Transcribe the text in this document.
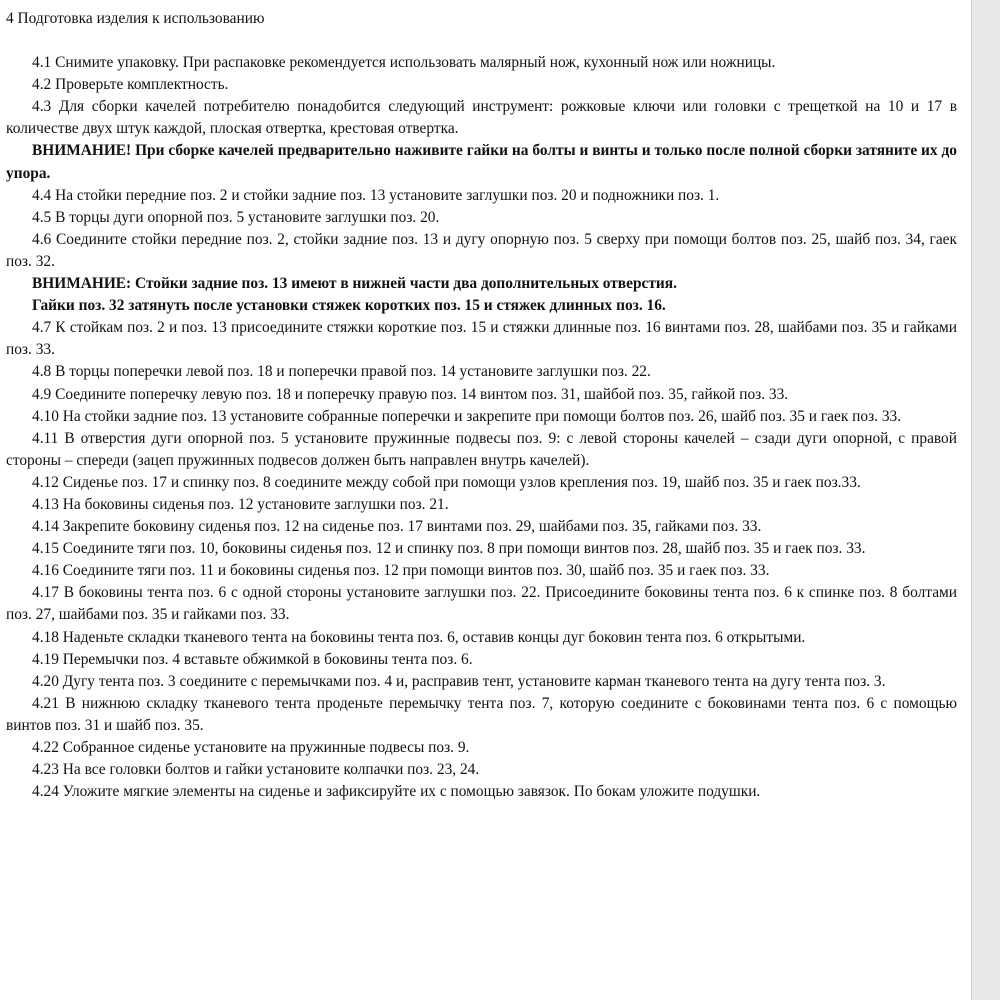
4 Подготовка изделия к использованию

4.1 Снимите упаковку. При распаковке рекомендуется использовать малярный нож, кухонный нож или ножницы.

4.2 Проверьте комплектность.

4.3 Для сборки качелей потребителю понадобится следующий инструмент: рожковые ключи или головки с трещеткой на 10 и 17 в количестве двух штук каждой, плоская отвертка, крестовая отвертка.

ВНИМАНИЕ! При сборке качелей предварительно наживите гайки на болты и винты и только после полной сборки затяните их до упора.

4.4 На стойки передние поз. 2 и стойки задние поз. 13 установите заглушки поз. 20 и подножники поз. 1.

4.5 В торцы дуги опорной поз. 5 установите заглушки поз. 20.

4.6 Соедините стойки передние поз. 2, стойки задние поз. 13 и дугу опорную поз. 5 сверху при помощи болтов поз. 25, шайб поз. 34, гаек поз. 32.

ВНИМАНИЕ: Стойки задние поз. 13 имеют в нижней части два дополнительных отверстия.

Гайки поз. 32 затянуть после установки стяжек коротких поз. 15 и стяжек длинных поз. 16.

4.7 К стойкам поз. 2 и поз. 13 присоедините стяжки короткие поз. 15 и стяжки длинные поз. 16 винтами поз. 28, шайбами поз. 35 и гайками поз. 33.

4.8 В торцы поперечки левой поз. 18 и поперечки правой поз. 14 установите заглушки поз. 22.

4.9 Соедините поперечку левую поз. 18 и поперечку правую поз. 14 винтом поз. 31, шайбой поз. 35, гайкой поз. 33.

4.10 На стойки задние поз. 13 установите собранные поперечки и закрепите при помощи болтов поз. 26, шайб поз. 35 и гаек поз. 33.

4.11 В отверстия дуги опорной поз. 5 установите пружинные подвесы поз. 9: с левой стороны качелей – сзади дуги опорной, с правой стороны – спереди (зацеп пружинных подвесов должен быть направлен внутрь качелей).

4.12 Сиденье поз. 17 и спинку поз. 8 соедините между собой при помощи узлов крепления поз. 19, шайб поз. 35 и гаек поз.33.

4.13 На боковины сиденья поз. 12 установите заглушки поз. 21.

4.14 Закрепите боковину сиденья поз. 12 на сиденье поз. 17 винтами поз. 29, шайбами поз. 35, гайками поз. 33.

4.15 Соедините тяги поз. 10, боковины сиденья поз. 12 и спинку поз. 8 при помощи винтов поз. 28, шайб поз. 35 и гаек поз. 33.

4.16 Соедините тяги поз. 11 и боковины сиденья поз. 12 при помощи винтов поз. 30, шайб поз. 35 и гаек поз. 33.

4.17 В боковины тента поз. 6 с одной стороны установите заглушки поз. 22. Присоедините боковины тента поз. 6 к спинке поз. 8 болтами поз. 27, шайбами поз. 35 и гайками поз. 33.

4.18 Наденьте складки тканевого тента на боковины тента поз. 6, оставив концы дуг боковин тента поз. 6 открытыми.

4.19 Перемычки поз. 4 вставьте обжимкой в боковины тента поз. 6.

4.20 Дугу тента поз. 3 соедините с перемычками поз. 4 и, расправив тент, установите карман тканевого тента на дугу тента поз. 3.

4.21 В нижнюю складку тканевого тента проденьте перемычку тента поз. 7, которую соедините с боковинами тента поз. 6 с помощью винтов поз. 31 и шайб поз. 35.

4.22 Собранное сиденье установите на пружинные подвесы поз. 9.

4.23 На все головки болтов и гайки установите колпачки поз. 23, 24.

4.24 Уложите мягкие элементы на сиденье и зафиксируйте их с помощью завязок. По бокам уложите подушки.
